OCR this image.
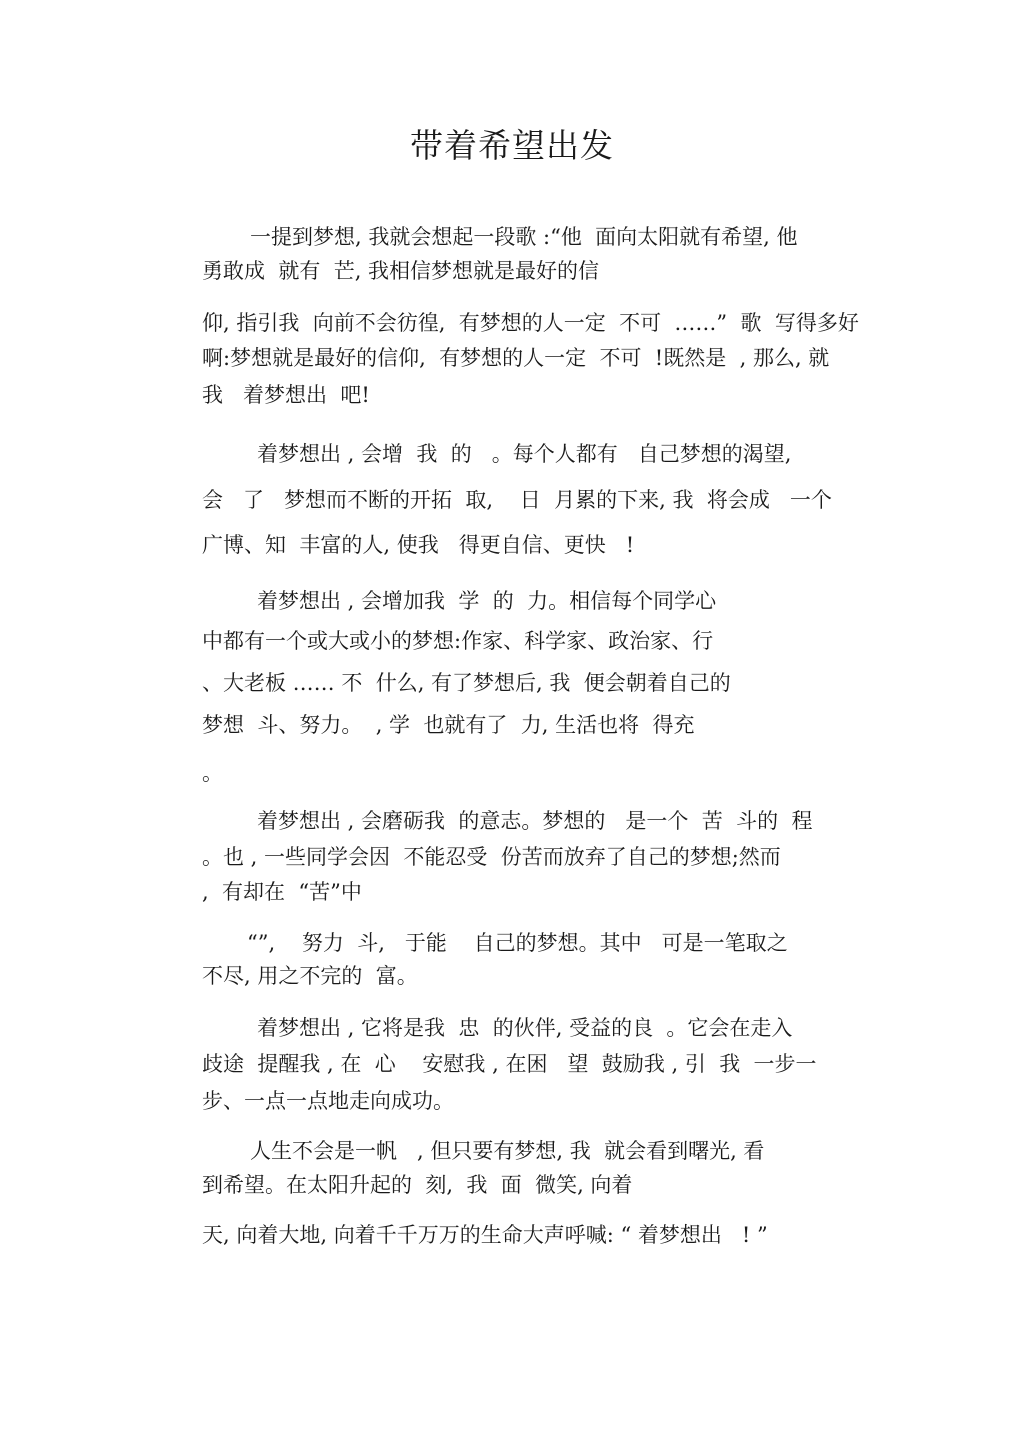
带着希望出发
一提到梦想, 我就会想起一段歌 :“他  面向太阳就有希望, 他
勇敢成  就有  芒, 我相信梦想就是最好的信
仰, 指引我  向前不会彷徨,  有梦想的人一定  不可  ……”  歌  写得多好
啊:梦想就是最好的信仰,  有梦想的人一定  不可  !既然是  , 那么, 就
我   着梦想出  吧!
着梦想出 , 会增  我  的   。每个人都有   自己梦想的渴望,
会   了   梦想而不断的开拓  取,    日  月累的下来, 我  将会成   一个
广博、知  丰富的人, 使我   得更自信、更快   !
着梦想出 , 会增加我  学  的  力。相信每个同学心
中都有一个或大或小的梦想:作家、科学家、政治家、行
、大老板 …… 不  什么, 有了梦想后, 我  便会朝着自己的
梦想  斗、努力。  , 学  也就有了  力, 生活也将  得充
。
着梦想出 , 会磨砺我  的意志。梦想的   是一个  苦  斗的  程
。也 , 一些同学会因  不能忍受  份苦而放弃了自己的梦想;然而
,  有却在  “苦”中
“”,    努力  斗,   于能    自己的梦想。其中   可是一笔取之
不尽, 用之不完的  富。
着梦想出 , 它将是我  忠  的伙伴, 受益的良  。它会在走入
歧途  提醒我 , 在  心    安慰我 , 在困   望  鼓励我 , 引  我  一步一
步、一点一点地走向成功。
人生不会是一帆   , 但只要有梦想, 我  就会看到曙光, 看
到希望。在太阳升起的  刻,  我  面  微笑, 向着
天, 向着大地, 向着千千万万的生命大声呼喊: “ 着梦想出   ! ”
